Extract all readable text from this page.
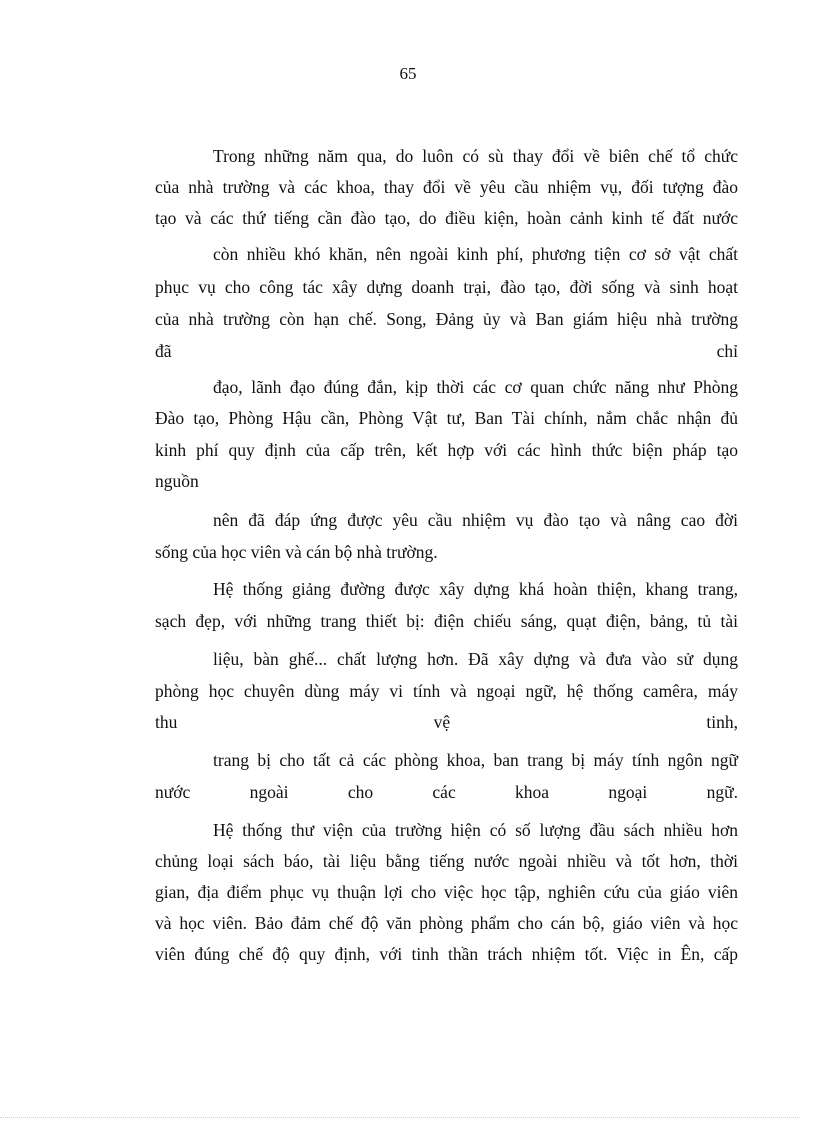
65
Trong những năm qua, do luôn có sù thay đổi về biên chế tổ chức
của nhà trường và các khoa, thay đổi về yêu cầu nhiệm vụ, đối tượng đào
tạo và các thứ tiếng cần đào tạo, do điều kiện, hoàn cảnh kinh tế đất nước
còn nhiều khó khăn, nên ngoài kinh phí, phương tiện cơ sở vật chất
phục vụ cho công tác xây dựng doanh trại, đào tạo, đời sống và sinh hoạt
của nhà trường còn hạn chế. Song, Đảng ủy và Ban giám hiệu nhà trường
đã chỉ
đạo, lãnh đạo đúng đắn, kịp thời các cơ quan chức năng như Phòng
Đào tạo, Phòng Hậu cần, Phòng Vật tư, Ban Tài chính, nắm chắc nhận đủ
kinh phí quy định của cấp trên, kết hợp với các hình thức biện pháp tạo
nguồn
nên đã đáp ứng được yêu cầu nhiệm vụ đào tạo và nâng cao đời
sống của học viên và cán bộ nhà trường.
Hệ thống giảng đường được xây dựng khá hoàn thiện, khang trang,
sạch đẹp, với những trang thiết bị: điện chiếu sáng, quạt điện, bảng, tủ tài
liệu, bàn ghế... chất lượng hơn. Đã xây dựng và đưa vào sử dụng
phòng học chuyên dùng máy vi tính và ngoại ngữ, hệ thống camêra, máy
thu vệ tinh,
trang bị cho tất cả các phòng khoa, ban trang bị máy tính ngôn ngữ
nước ngoài cho các khoa ngoại ngữ.
Hệ thống thư viện của trường hiện có số lượng đầu sách nhiều hơn
chủng loại sách báo, tài liệu bằng tiếng nước ngoài nhiều và tốt hơn, thời
gian, địa điểm phục vụ thuận lợi cho việc học tập, nghiên cứu của giáo viên
và học viên. Bảo đảm chế độ văn phòng phẩm cho cán bộ, giáo viên và học
viên đúng chế độ quy định, với tinh thần trách nhiệm tốt. Việc in Ên, cấp
